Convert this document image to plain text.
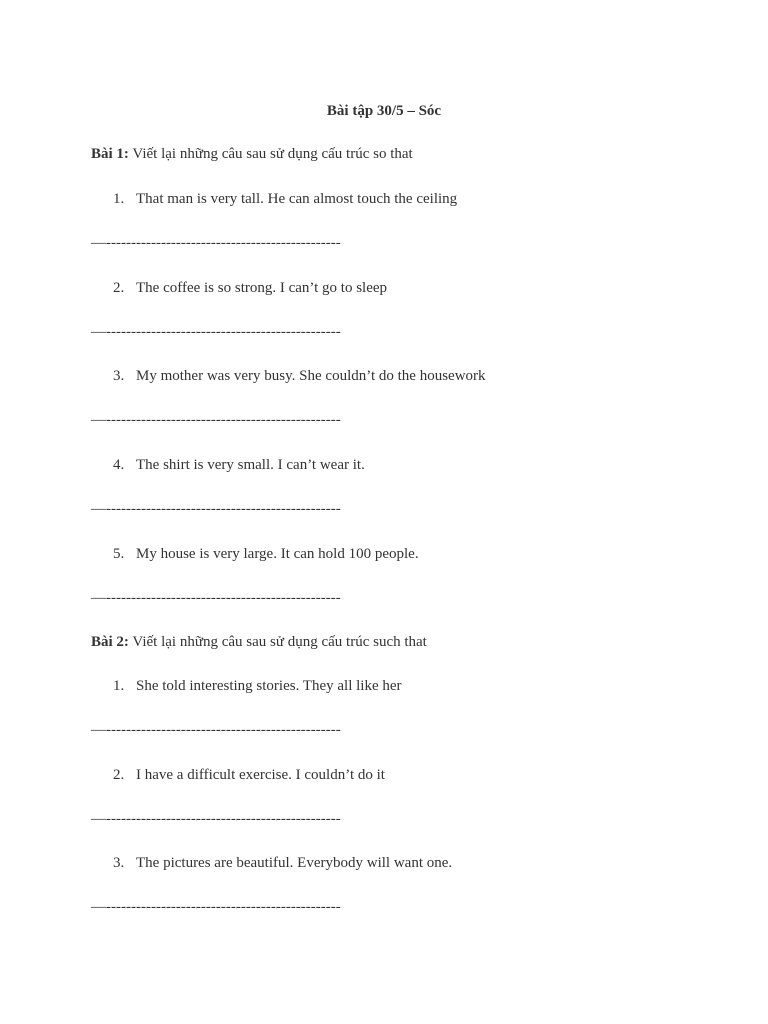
Bài tập 30/5 – Sóc
Bài 1: Viết lại những câu sau sử dụng cấu trúc so that
1. That man is very tall. He can almost touch the ceiling
—-----------------------------------------------
2. The coffee is so strong. I can’t go to sleep
—-----------------------------------------------
3. My mother was very busy. She couldn’t do the housework
—-----------------------------------------------
4. The shirt is very small. I can’t wear it.
—-----------------------------------------------
5. My house is very large. It can hold 100 people.
—-----------------------------------------------
Bài 2: Viết lại những câu sau sử dụng cấu trúc such that
1. She told interesting stories. They all like her
—-----------------------------------------------
2. I have a difficult exercise. I couldn’t do it
—-----------------------------------------------
3. The pictures are beautiful. Everybody will want one.
—-----------------------------------------------
